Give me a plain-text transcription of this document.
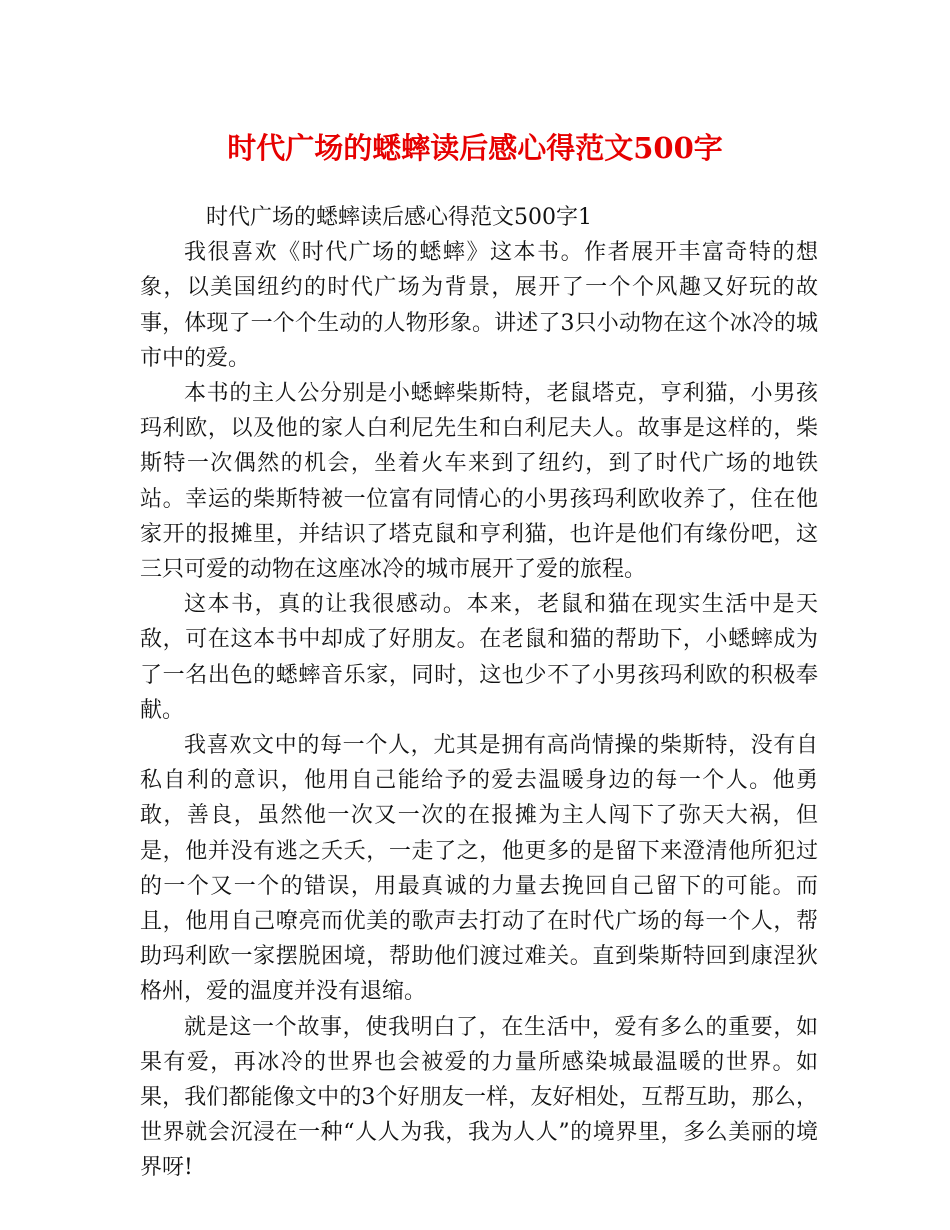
时代广场的蟋蟀读后感心得范文500字

时代广场的蟋蟀读后感心得范文500字1

我很喜欢《时代广场的蟋蟀》这本书。作者展开丰富奇特的想象，以美国纽约的时代广场为背景，展开了一个个风趣又好玩的故事，体现了一个个生动的人物形象。讲述了3只小动物在这个冰冷的城市中的爱。

本书的主人公分别是小蟋蟀柴斯特，老鼠塔克，亨利猫，小男孩玛利欧，以及他的家人白利尼先生和白利尼夫人。故事是这样的，柴斯特一次偶然的机会，坐着火车来到了纽约，到了时代广场的地铁站。幸运的柴斯特被一位富有同情心的小男孩玛利欧收养了，住在他家开的报摊里，并结识了塔克鼠和亨利猫，也许是他们有缘份吧，这三只可爱的动物在这座冰冷的城市展开了爱的旅程。

这本书，真的让我很感动。本来，老鼠和猫在现实生活中是天敌，可在这本书中却成了好朋友。在老鼠和猫的帮助下，小蟋蟀成为了一名出色的蟋蟀音乐家，同时，这也少不了小男孩玛利欧的积极奉献。

我喜欢文中的每一个人，尤其是拥有高尚情操的柴斯特，没有自私自利的意识，他用自己能给予的爱去温暖身边的每一个人。他勇敢，善良，虽然他一次又一次的在报摊为主人闯下了弥天大祸，但是，他并没有逃之夭夭，一走了之，他更多的是留下来澄清他所犯过的一个又一个的错误，用最真诚的力量去挽回自己留下的可能。而且，他用自己嘹亮而优美的歌声去打动了在时代广场的每一个人，帮助玛利欧一家摆脱困境，帮助他们渡过难关。直到柴斯特回到康涅狄格州，爱的温度并没有退缩。

就是这一个故事，使我明白了，在生活中，爱有多么的重要，如果有爱，再冰冷的世界也会被爱的力量所感染城最温暖的世界。如果，我们都能像文中的3个好朋友一样，友好相处，互帮互助，那么，世界就会沉浸在一种“人人为我，我为人人”的境界里，多么美丽的境界呀!
